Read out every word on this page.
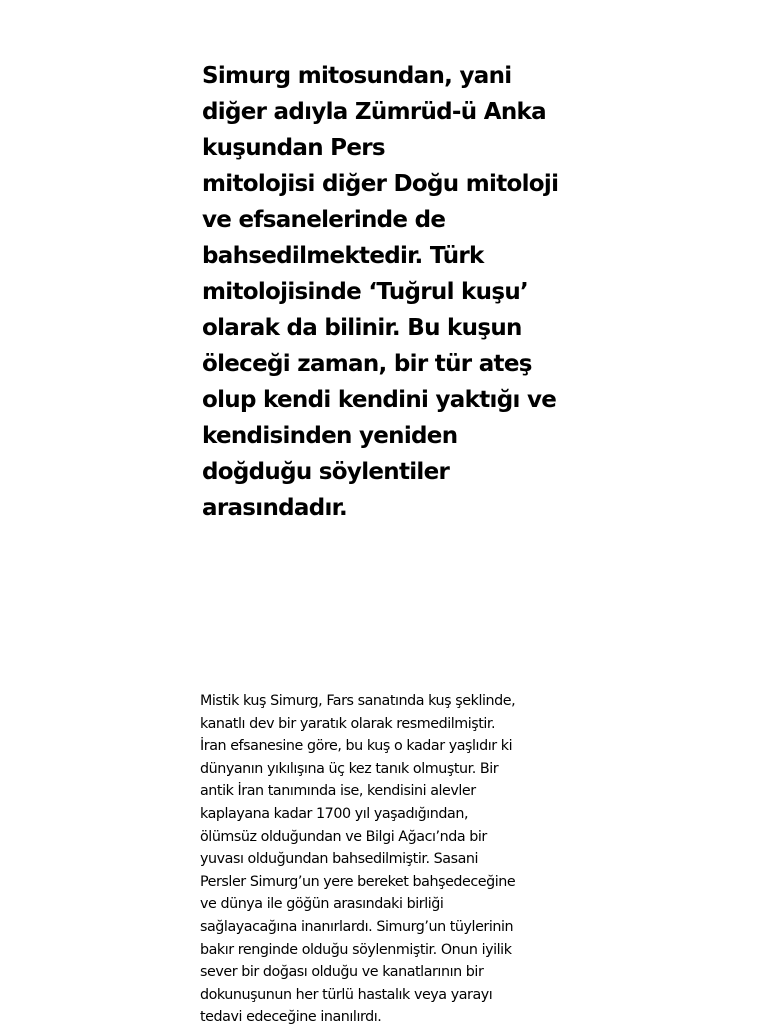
Simurg mitosundan, yani
diğer adıyla Zümrüd-ü Anka
kuşundan Pers
mitolojisi diğer Doğu mitoloji
ve efsanelerinde de
bahsedilmektedir. Türk
mitolojisinde ‘Tuğrul kuşu’
olarak da bilinir. Bu kuşun
öleceği zaman, bir tür ateş
olup kendi kendini yaktığı ve
kendisinden yeniden
doğduğu söylentiler
arasındadır.
Mistik kuş Simurg, Fars sanatında kuş şeklinde,
kanatlı dev bir yaratık olarak resmedilmiştir.
İran efsanesine göre, bu kuş o kadar yaşlıdır ki
dünyanın yıkılışına üç kez tanık olmuştur. Bir
antik İran tanımında ise, kendisini alevler
kaplayana kadar 1700 yıl yaşadığından,
ölümsüz olduğundan ve Bilgi Ağacı’nda bir
yuvası olduğundan bahsedilmiştir. Sasani
Persler Simurg’un yere bereket bahşedeceğine
ve dünya ile göğün arasındaki birliği
sağlayacağına inanırlardı. Simurg’un tüylerinin
bakır renginde olduğu söylenmiştir. Onun iyilik
sever bir doğası olduğu ve kanatlarının bir
dokunuşunun her türlü hastalık veya yarayı
tedavi edeceğine inanılırdı.
